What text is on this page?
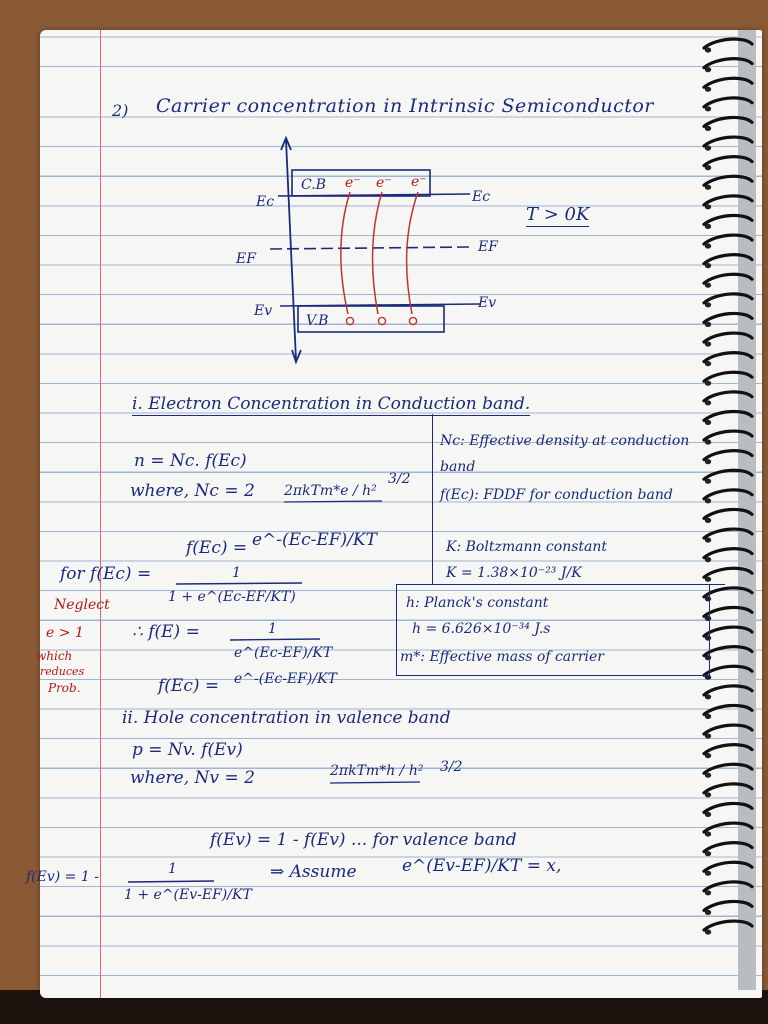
2) Carrier concentration in Intrinsic Semiconductor
C.B e⁻ e⁻ e⁻
V.B
Ec	Ec
EF
EF
Ev	Ev
T > 0K
i. Electron Concentration in Conduction band.
n = Nc. f(Ec)
where, Nc = 2 2πkTm*e / h²
3/2
f(Ec) = e^-(Ec-EF)/KT
Nc: Effective density at conduction band
f(Ec): FDDF for conduction band
K: Boltzmann constant
K = 1.38×10⁻²³ J/K
h: Planck's constant
h = 6.626×10⁻³⁴ J.s
m*: Effective mass of carrier
for f(Ec) =	1
1 + e^(Ec-EF/KT)
∴ f(E) =	1
e^(Ec-EF)/KT
f(Ec) = e^-(Ec-EF)/KT
Neglect
e > 1
which
reduces
Prob.
ii. Hole concentration in valence band
p = Nv. f(Ev)
where, Nv = 2	2πkTm*h / h² 3/2
f(Ev) = 1 - f(Ev) ... for valence band
f(Ev) = 1 -	1
1 + e^(Ev-EF)/KT
⇒ Assume	e^(Ev-EF)/KT = x,
